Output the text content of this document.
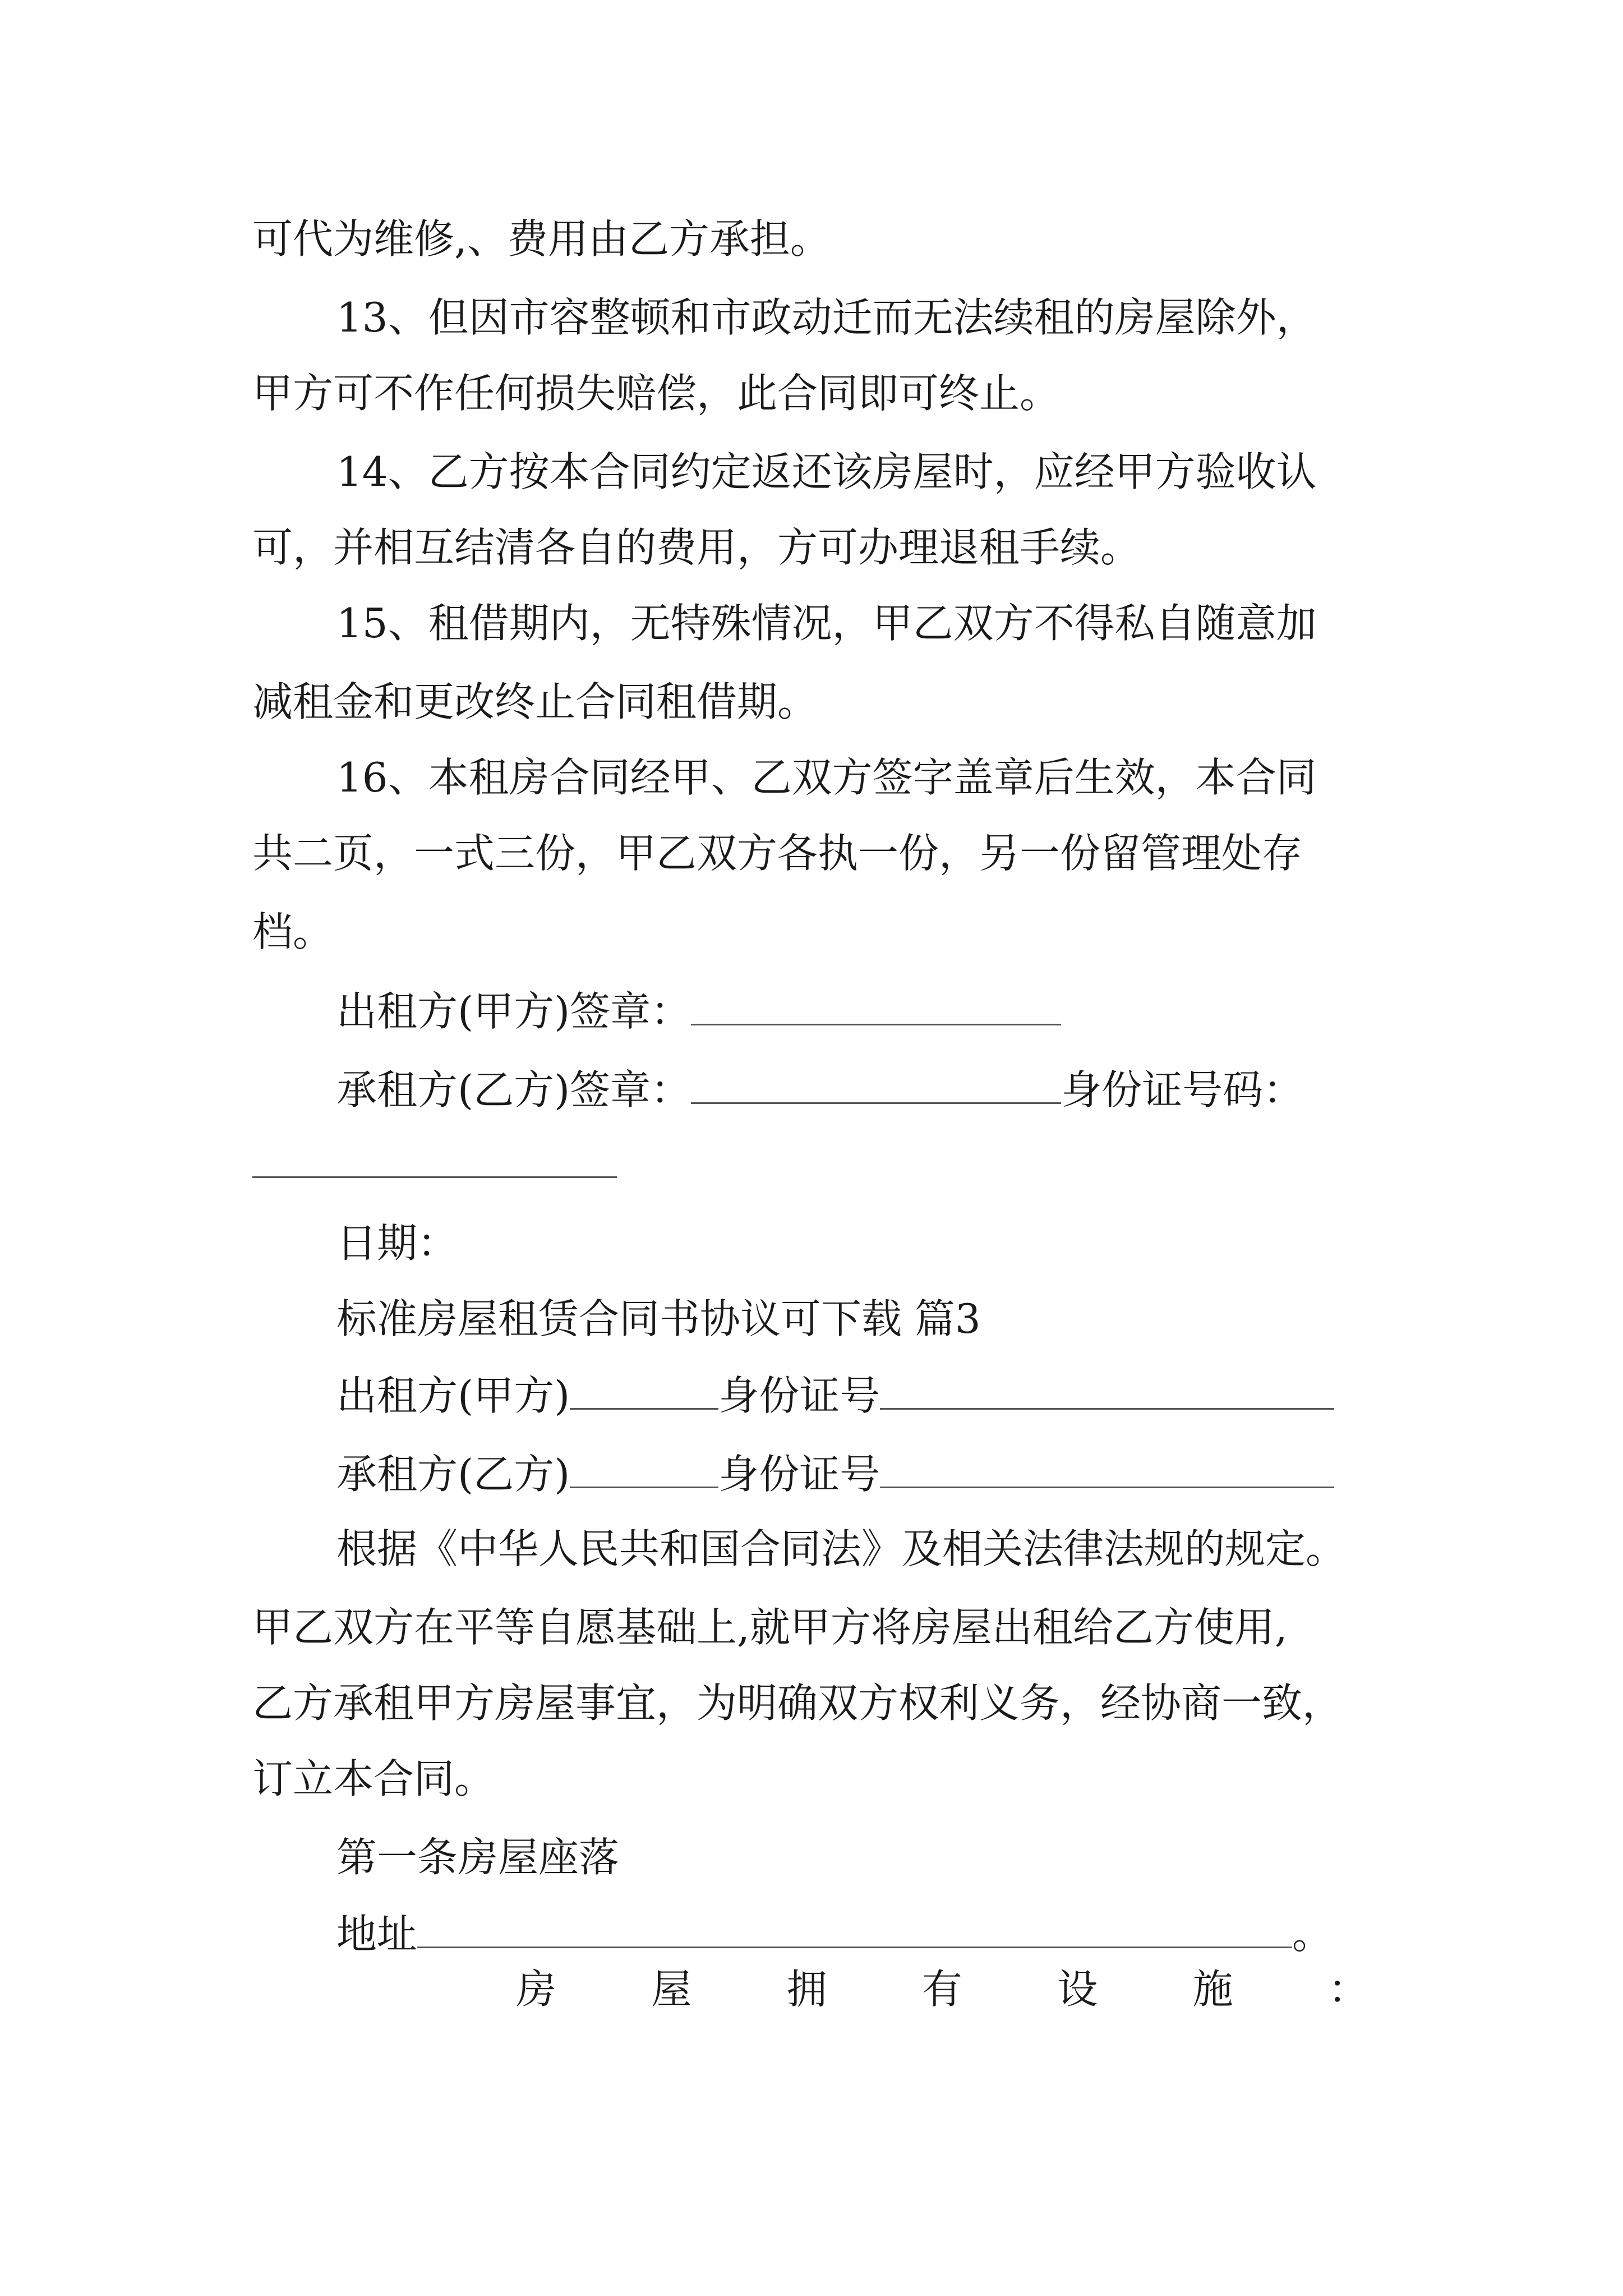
可代为维修,、费用由乙方承担。
13、但因市容整顿和市政动迁而无法续租的房屋除外，
甲方可不作任何损失赔偿，此合同即可终止。
14、乙方按本合同约定返还该房屋时，应经甲方验收认
可，并相互结清各自的费用，方可办理退租手续。
15、租借期内，无特殊情况，甲乙双方不得私自随意加
减租金和更改终止合同租借期。
16、本租房合同经甲、乙双方签字盖章后生效，本合同
共二页，一式三份，甲乙双方各执一份，另一份留管理处存
档。
出租方(甲方)签章：
承租方(乙方)签章：	身份证号码：
日期：
标准房屋租赁合同书协议可下载 篇3
出租方(甲方)	身份证号
承租方(乙方)	身份证号
根据《中华人民共和国合同法》及相关法律法规的规定。
甲乙双方在平等自愿基础上,就甲方将房屋出租给乙方使用,
乙方承租甲方房屋事宜，为明确双方权利义务，经协商一致，
订立本合同。
第一条房屋座落
地址	。
房 屋 拥 有 设 施 ：
